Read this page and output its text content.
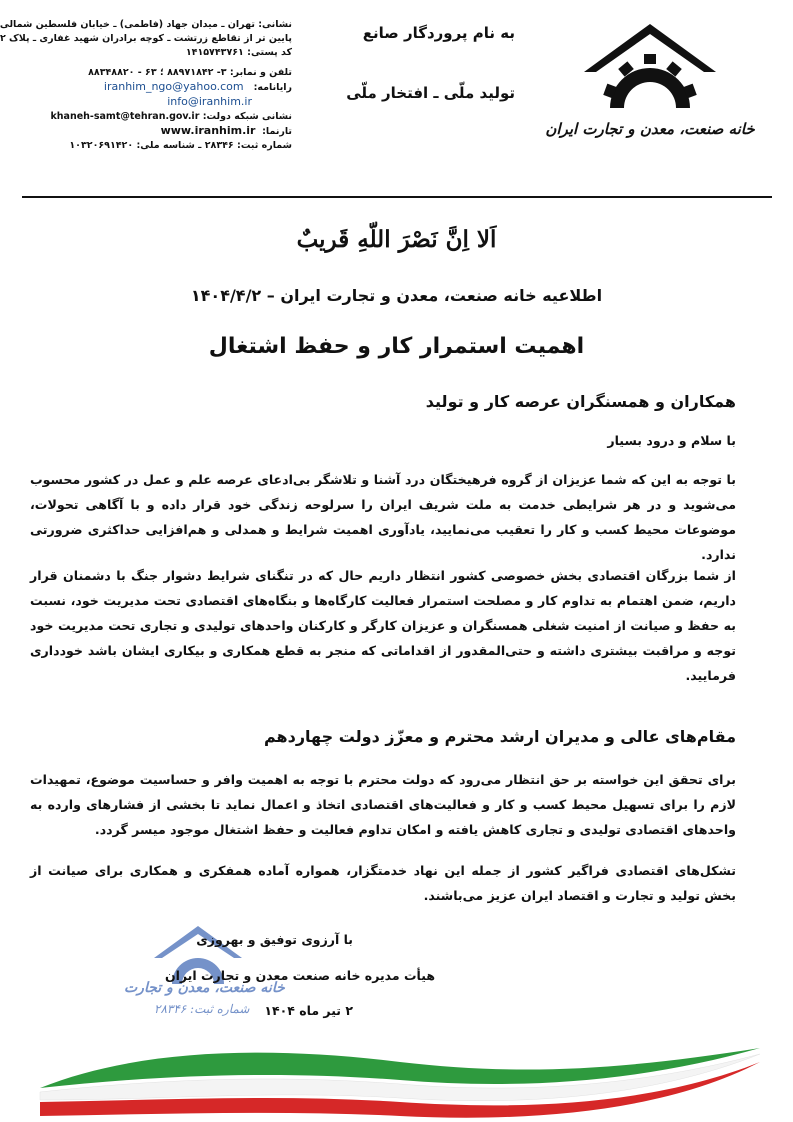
خانه صنعت، معدن و تجارت ایران
به نام پروردگار صانع
تولید ملّی ـ افتخار ملّی
نشانی: تهران ـ میدان جهاد (فاطمی) ـ خیابان فلسطین شمالی
پایین تر از تقاطع زرتشت ـ کوچه برادران شهید غفاری ـ پلاک ۲
کد پستی: ۱۴۱۵۷۴۳۷۶۱
تلفن و نمابر: ۳- ۸۸۹۷۱۸۴۲ ؛ ۶۳ - ۸۸۳۴۸۸۲۰
رایانامه:   iranhim_ngo@yahoo.com
info@iranhim.ir
نشانی شبکه دولت: khaneh-samt@tehran.gov.ir
تارنما:  www.iranhim.ir
شماره ثبت: ۲۸۳۴۶ ـ شناسه ملی: ۱۰۳۲۰۶۹۱۴۲۰
اَلا اِنَّ نَصْرَ اللّهِ قَریبٌ
اطلاعیه خانه صنعت، معدن و تجارت ایران – ۱۴۰۴/۴/۲
اهمیت استمرار کار و حفظ اشتغال
همکاران و همسنگران عرصه کار و تولید
با سلام و درود بسیار
با توجه به این که شما عزیزان از گروه فرهیختگان درد آشنا و تلاشگر بی‌ادعای عرصه علم و عمل در کشور محسوب می‌شوید و در هر شرایطی خدمت به ملت شریف ایران را سرلوحه زندگی خود قرار داده و با آگاهی تحولات، موضوعات محیط کسب و کار را تعقیب می‌نمایید، یادآوری اهمیت شرایط و همدلی و هم‌افزایی حداکثری ضرورتی ندارد.
از شما بزرگان اقتصادی بخش خصوصی کشور انتظار داریم حال که در تنگنای شرایط دشوار جنگ با دشمنان قرار داریم، ضمن اهتمام به تداوم کار و مصلحت استمرار فعالیت کارگاه‌ها و بنگاه‌های اقتصادی تحت مدیریت خود، نسبت به حفظ و صیانت از امنیت شغلی همسنگران و عزیزان کارگر و کارکنان واحدهای تولیدی و تجاری تحت مدیریت خود توجه و مراقبت بیشتری داشته و حتی‌المقدور از اقداماتی که منجر به قطع همکاری و بیکاری ایشان باشد خودداری فرمایید.
مقام‌های عالی و مدیران ارشد محترم و معزّز دولت چهاردهم
برای تحقق این خواسته بر حق انتظار می‌رود که دولت محترم با توجه به اهمیت وافر و حساسیت موضوع، تمهیدات لازم را برای تسهیل محیط کسب و کار و فعالیت‌های اقتصادی اتخاذ و اعمال نماید تا بخشی از فشارهای وارده به واحدهای اقتصادی تولیدی و تجاری کاهش یافته و امکان تداوم فعالیت و حفظ اشتغال موجود میسر گردد.
تشکل‌های اقتصادی فراگیر کشور از جمله این نهاد خدمتگزار، همواره آماده همفکری و همکاری برای صیانت از بخش تولید و تجارت و اقتصاد ایران عزیز می‌باشند.
خانه صنعت، معدن و تجارت
شماره ثبت: ۲۸۳۴۶
با آرزوی توفیق و بهروزی
هیأت مدیره خانه صنعت معدن و تجارت ایران
۲ تیر ماه ۱۴۰۴
